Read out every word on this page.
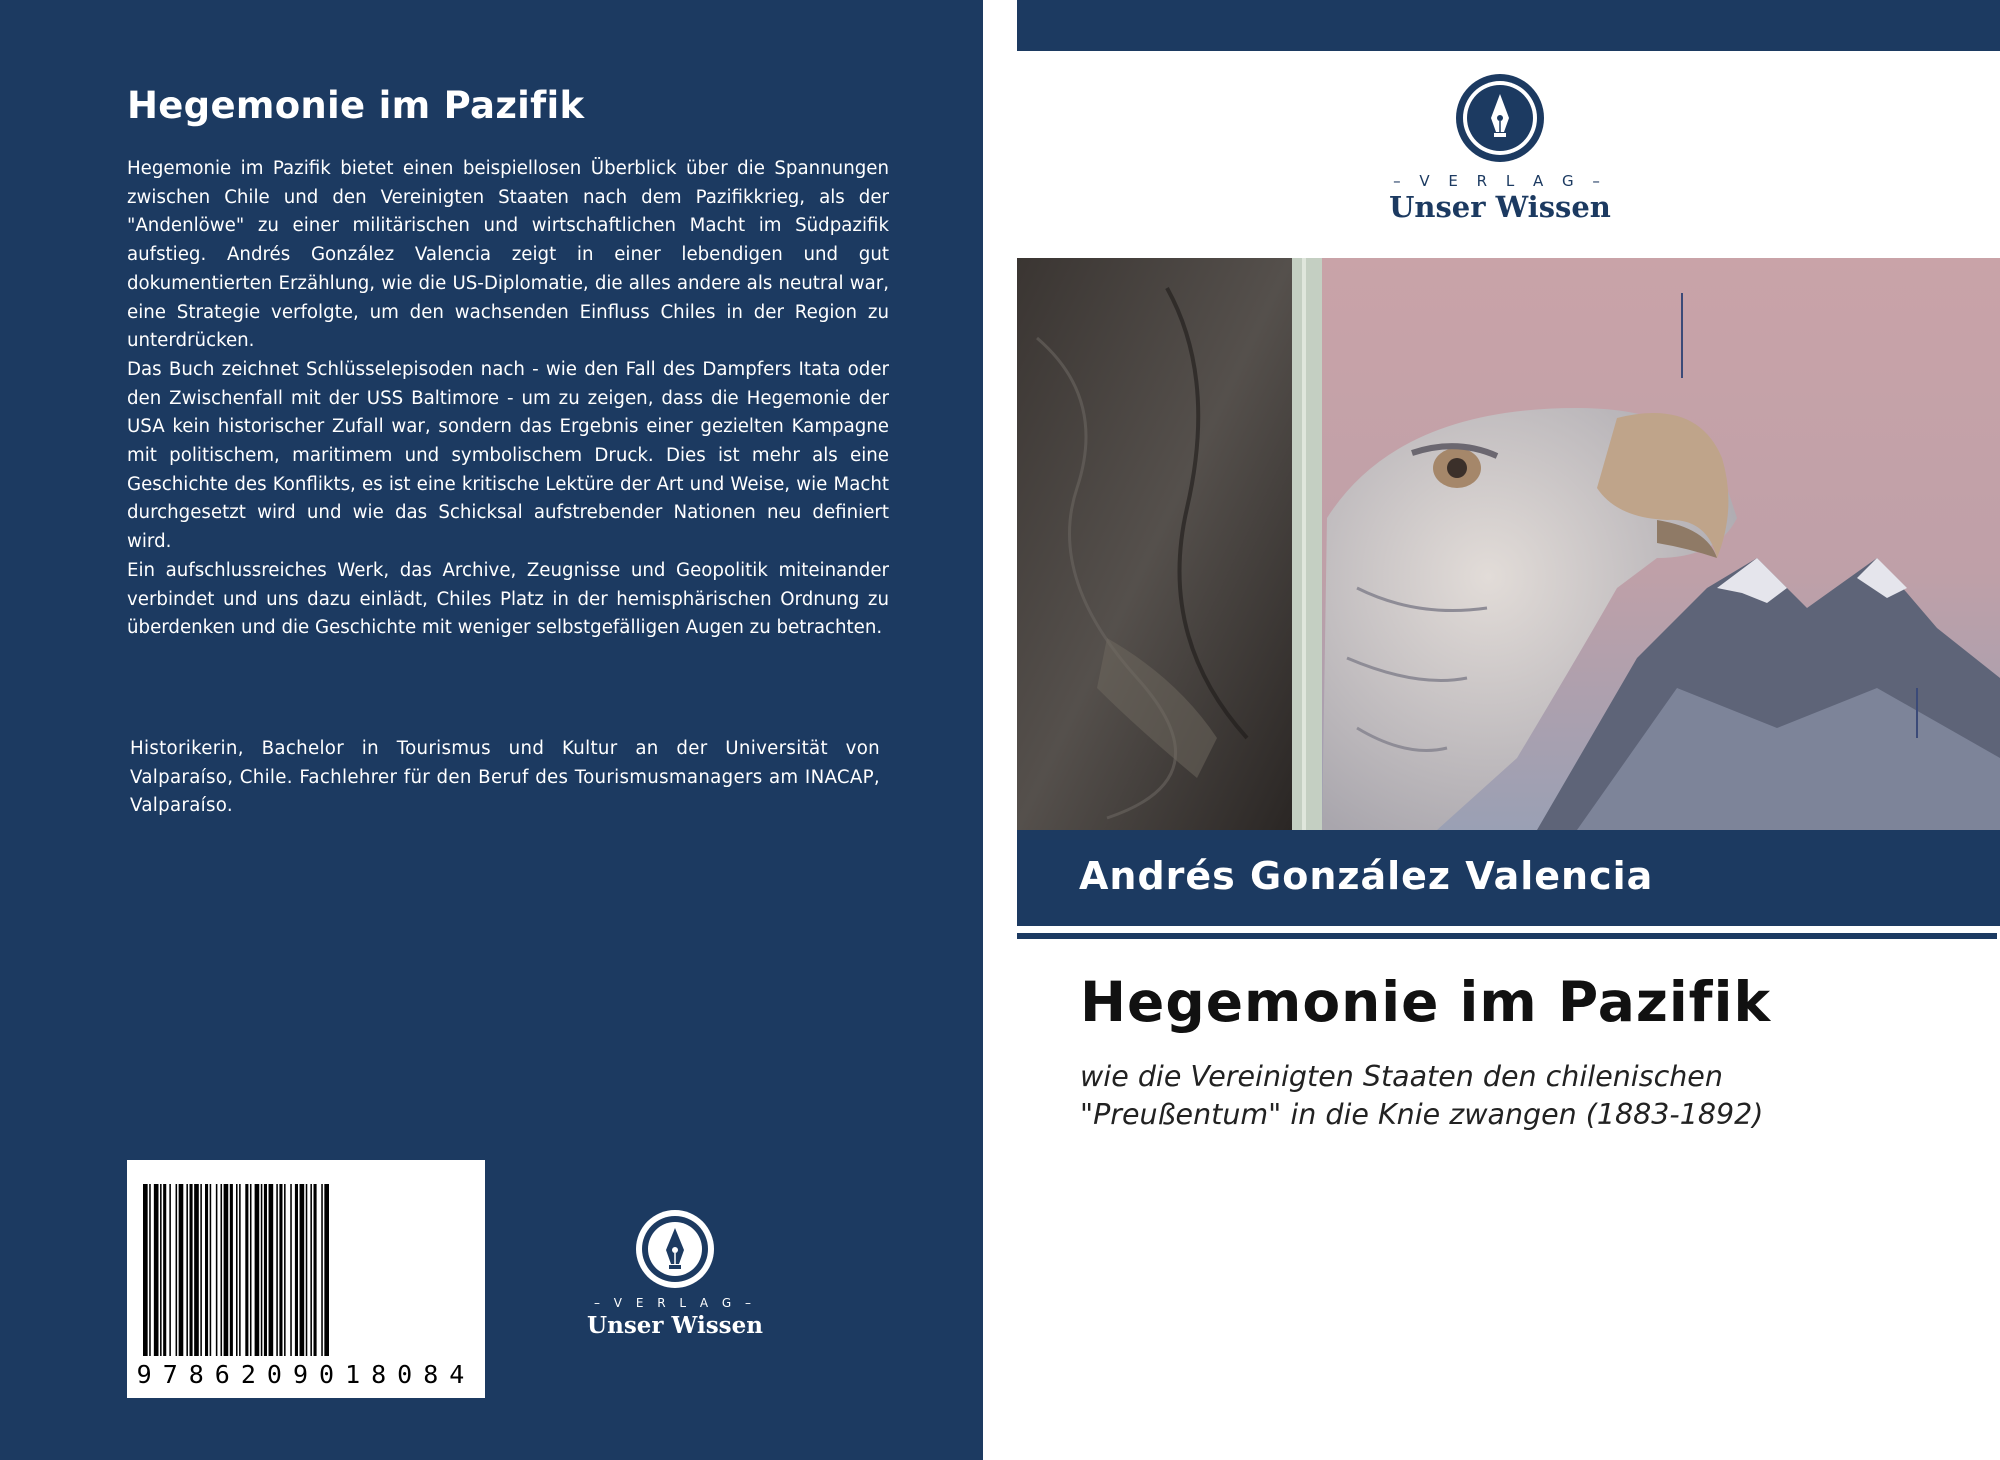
Hegemonie im Pazifik

Hegemonie im Pazifik bietet einen beispiellosen Überblick über die Spannungen zwischen Chile und den Vereinigten Staaten nach dem Pazifikkrieg, als der "Andenlöwe" zu einer militärischen und wirtschaftlichen Macht im Südpazifik aufstieg. Andrés González Valencia zeigt in einer lebendigen und gut dokumentierten Erzählung, wie die US-Diplomatie, die alles andere als neutral war, eine Strategie verfolgte, um den wachsenden Einfluss Chiles in der Region zu unterdrücken.

Das Buch zeichnet Schlüsselepisoden nach - wie den Fall des Dampfers Itata oder den Zwischenfall mit der USS Baltimore - um zu zeigen, dass die Hegemonie der USA kein historischer Zufall war, sondern das Ergebnis einer gezielten Kampagne mit politischem, maritimem und symbolischem Druck. Dies ist mehr als eine Geschichte des Konflikts, es ist eine kritische Lektüre der Art und Weise, wie Macht durchgesetzt wird und wie das Schicksal aufstrebender Nationen neu definiert wird.

Ein aufschlussreiches Werk, das Archive, Zeugnisse und Geopolitik miteinander verbindet und uns dazu einlädt, Chiles Platz in der hemisphärischen Ordnung zu überdenken und die Geschichte mit weniger selbstgefälligen Augen zu betrachten.

Historikerin, Bachelor in Tourismus und Kultur an der Universität von Valparaíso, Chile. Fachlehrer für den Beruf des Tourismusmanagers am INACAP, Valparaíso.
9786209018084
– V E R L A G –
Unser Wissen
– V E R L A G –
Unser Wissen
Andrés González Valencia
Hegemonie im Pazifik
wie die Vereinigten Staaten den chilenischen
"Preußentum" in die Knie zwangen (1883-1892)
